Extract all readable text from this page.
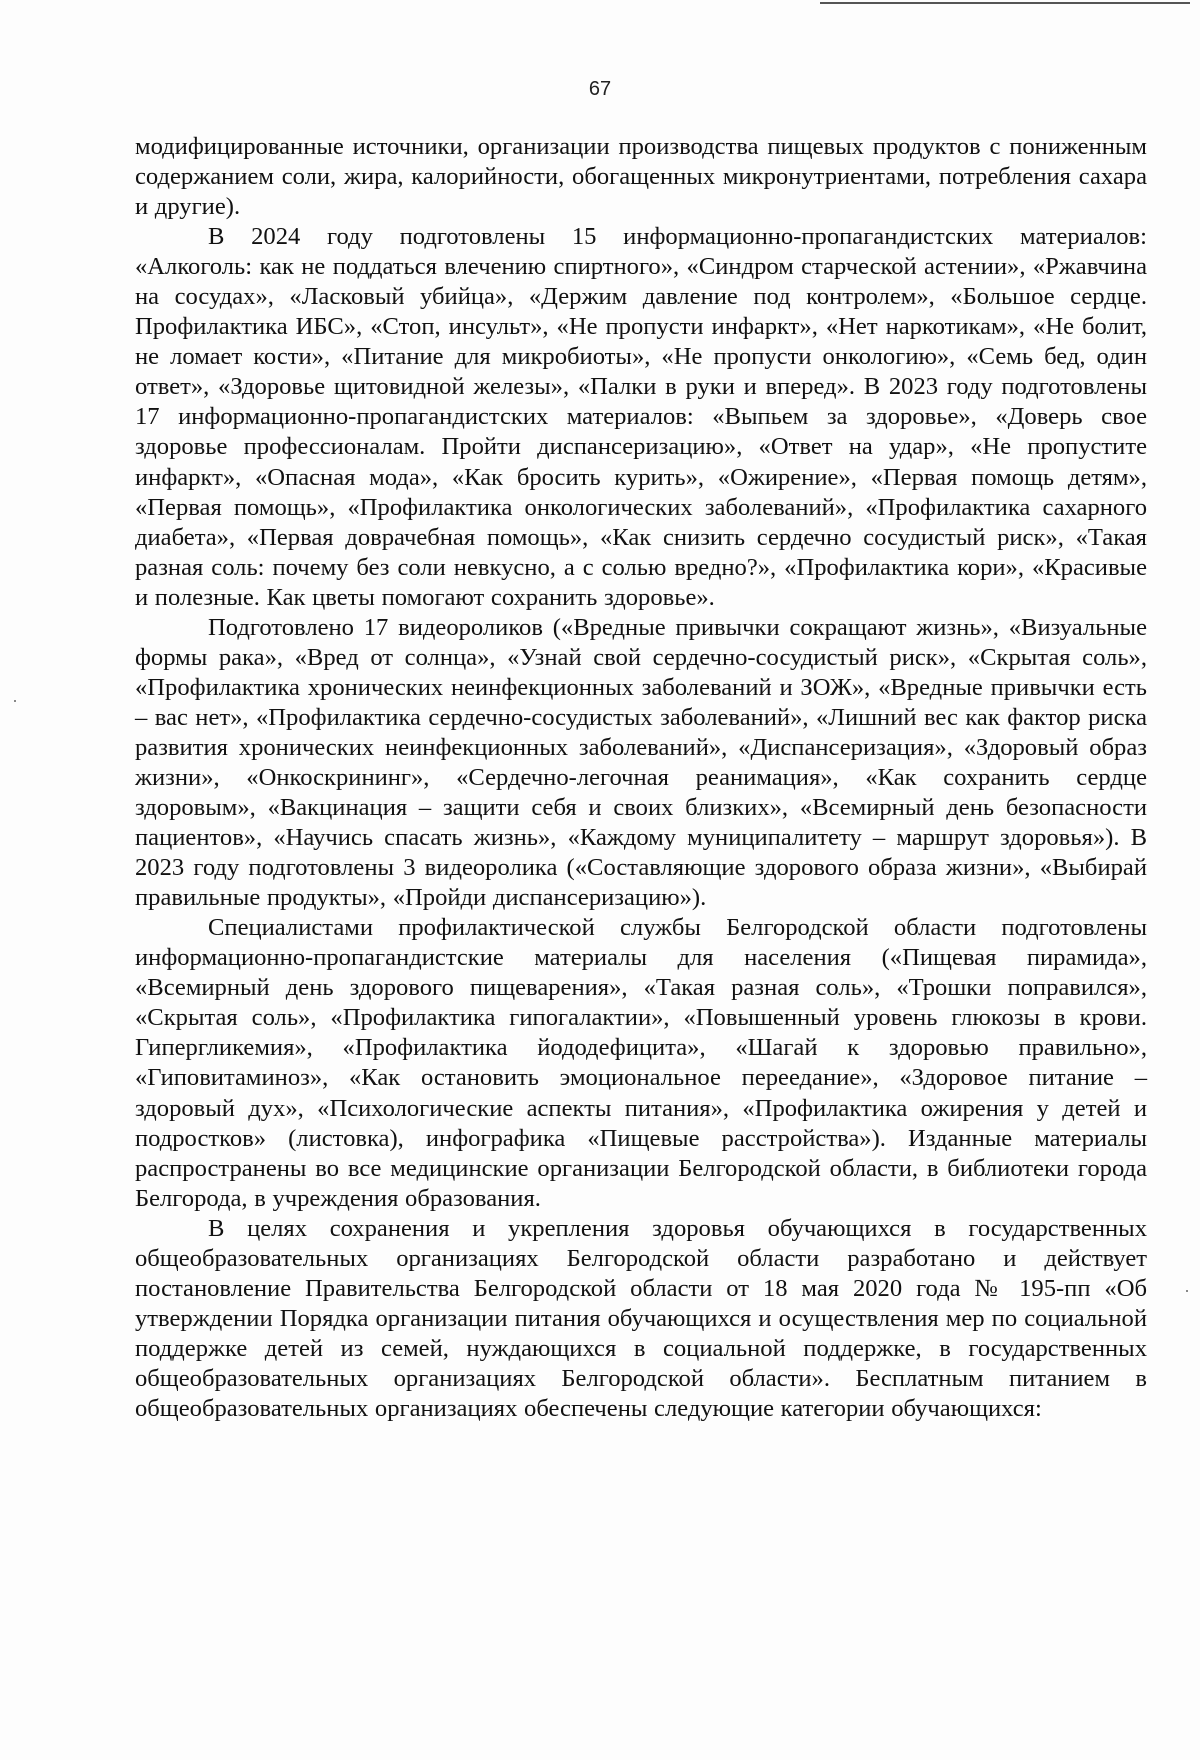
67

модифицированные источники, организации производства пищевых продуктов с пониженным содержанием соли, жира, калорийности, обогащенных микронутриентами, потребления сахара и другие).

В 2024 году подготовлены 15 информационно-пропагандистских материалов: «Алкоголь: как не поддаться влечению спиртного», «Синдром старческой астении», «Ржавчина на сосудах», «Ласковый убийца», «Держим давление под контролем», «Большое сердце. Профилактика ИБС», «Стоп, инсульт», «Не пропусти инфаркт», «Нет наркотикам», «Не болит, не ломает кости», «Питание для микробиоты», «Не пропусти онкологию», «Семь бед, один ответ», «Здоровье щитовидной железы», «Палки в руки и вперед». В 2023 году подготовлены 17 информационно-пропагандистских материалов: «Выпьем за здоровье», «Доверь свое здоровье профессионалам. Пройти диспансеризацию», «Ответ на удар», «Не пропустите инфаркт», «Опасная мода», «Как бросить курить», «Ожирение», «Первая помощь детям», «Первая помощь», «Профилактика онкологических заболеваний», «Профилактика сахарного диабета», «Первая доврачебная помощь», «Как снизить сердечно сосудистый риск», «Такая разная соль: почему без соли невкусно, а с солью вредно?», «Профилактика кори», «Красивые и полезные. Как цветы помогают сохранить здоровье».

Подготовлено 17 видеороликов («Вредные привычки сокращают жизнь», «Визуальные формы рака», «Вред от солнца», «Узнай свой сердечно-сосудистый риск», «Скрытая соль», «Профилактика хронических неинфекционных заболеваний и ЗОЖ», «Вредные привычки есть – вас нет», «Профилактика сердечно-сосудистых заболеваний», «Лишний вес как фактор риска развития хронических неинфекционных заболеваний», «Диспансеризация», «Здоровый образ жизни», «Онкоскрининг», «Сердечно-легочная реанимация», «Как сохранить сердце здоровым», «Вакцинация – защити себя и своих близких», «Всемирный день безопасности пациентов», «Научись спасать жизнь», «Каждому муниципалитету – маршрут здоровья»). В 2023 году подготовлены 3 видеоролика («Составляющие здорового образа жизни», «Выбирай правильные продукты», «Пройди диспансеризацию»).

Специалистами профилактической службы Белгородской области подготовлены информационно-пропагандистские материалы для населения («Пищевая пирамида», «Всемирный день здорового пищеварения», «Такая разная соль», «Трошки поправился», «Скрытая соль», «Профилактика гипогалактии», «Повышенный уровень глюкозы в крови. Гипергликемия», «Профилактика йододефицита», «Шагай к здоровью правильно», «Гиповитаминоз», «Как остановить эмоциональное переедание», «Здоровое питание – здоровый дух», «Психологические аспекты питания», «Профилактика ожирения у детей и подростков» (листовка), инфографика «Пищевые расстройства»). Изданные материалы распространены во все медицинские организации Белгородской области, в библиотеки города Белгорода, в учреждения образования.

В целях сохранения и укрепления здоровья обучающихся в государственных общеобразовательных организациях Белгородской области разработано и действует постановление Правительства Белгородской области от 18 мая 2020 года № 195-пп «Об утверждении Порядка организации питания обучающихся и осуществления мер по социальной поддержке детей из семей, нуждающихся в социальной поддержке, в государственных общеобразовательных организациях Белгородской области». Бесплатным питанием в общеобразовательных организациях обеспечены следующие категории обучающихся:
